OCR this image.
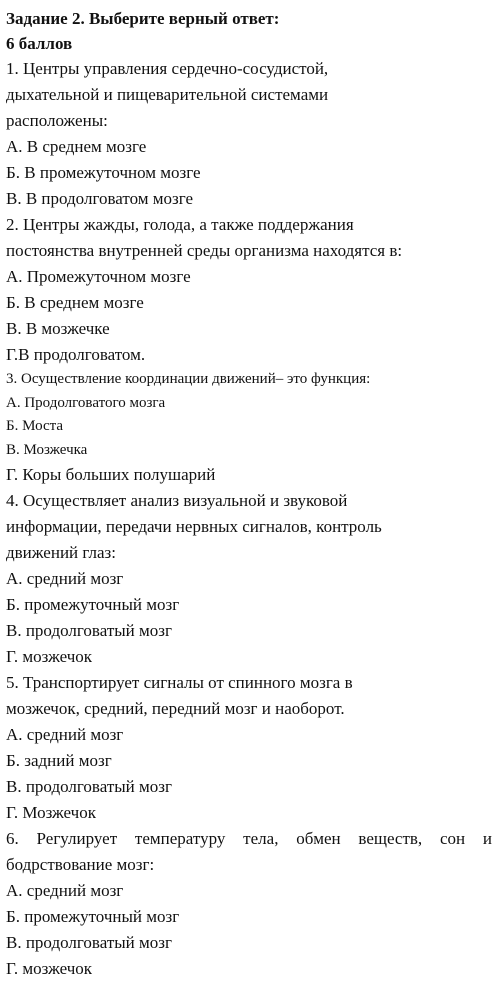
Задание 2. Выберите верный ответ:
6 баллов
1. Центры управления сердечно-сосудистой,
дыхательной и пищеварительной системами
расположены:
А. В среднем мозге
Б. В промежуточном мозге
В. В продолговатом мозге
2. Центры жажды, голода, а также поддержания
постоянства внутренней среды организма находятся в:
А. Промежуточном мозге
Б. В среднем мозге
В. В мозжечке
Г.В продолговатом.
3. Осуществление координации движений– это функция:
А. Продолговатого мозга
Б. Моста
В. Мозжечка
Г. Коры больших полушарий
4. Осуществляет анализ визуальной и звуковой
информации, передачи нервных сигналов, контроль
движений глаз:
А. средний мозг
Б. промежуточный мозг
В. продолговатый мозг
Г. мозжечок
5. Транспортирует сигналы от спинного мозга в
мозжечок, средний, передний мозг и наоборот.
А. средний мозг
Б. задний мозг
В. продолговатый мозг
Г. Мозжечок
6. Регулирует температуру тела, обмен веществ, сон и
бодрствование мозг:
А. средний мозг
Б. промежуточный мозг
В. продолговатый мозг
Г. мозжечок
